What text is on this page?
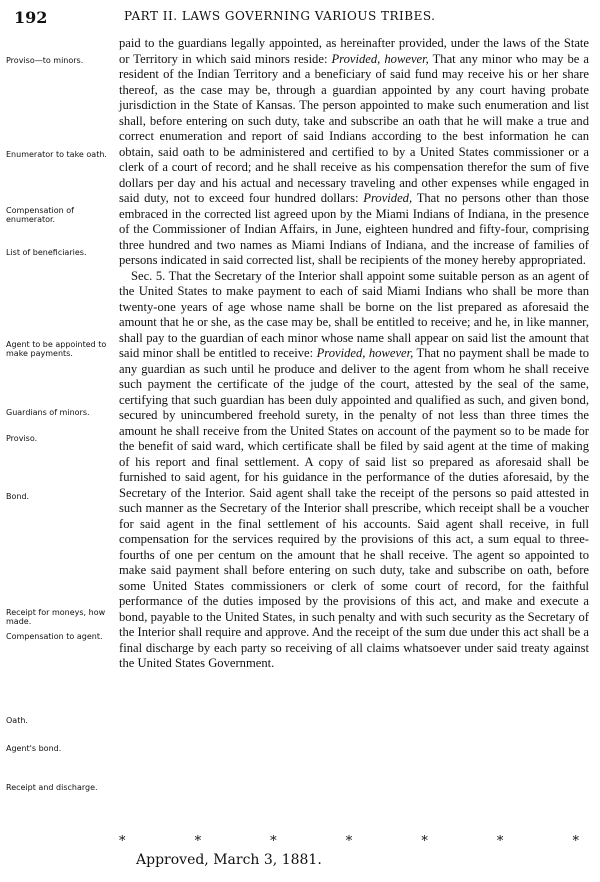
192	PART II. LAWS GOVERNING VARIOUS TRIBES.
Proviso—to minors.
Enumerator to take oath.
Compensation of enumerator.
List of beneficiaries.
Agent to be appointed to make payments.
Guardians of minors.
Proviso.
Bond.
Receipt for moneys, how made.
Compensation to agent.
Oath.
Agent's bond.
Receipt and discharge.

paid to the guardians legally appointed, as hereinafter provided, under the laws of the State or Territory in which said minors reside: Provided, however, That any minor who may be a resident of the Indian Territory and a beneficiary of said fund may receive his or her share thereof, as the case may be, through a guardian appointed by any court having probate jurisdiction in the State of Kansas. The person appointed to make such enumeration and list shall, before entering on such duty, take and subscribe an oath that he will make a true and correct enumeration and report of said Indians according to the best information he can obtain, said oath to be administered and certified to by a United States commissioner or a clerk of a court of record; and he shall receive as his compensation therefor the sum of five dollars per day and his actual and necessary traveling and other expenses while engaged in said duty, not to exceed four hundred dollars: Provided, That no persons other than those embraced in the corrected list agreed upon by the Miami Indians of Indiana, in the presence of the Commissioner of Indian Affairs, in June, eighteen hundred and fifty-four, comprising three hundred and two names as Miami Indians of Indiana, and the increase of families of persons indicated in said corrected list, shall be recipients of the money hereby appropriated.

Sec. 5. That the Secretary of the Interior shall appoint some suitable person as an agent of the United States to make payment to each of said Miami Indians who shall be more than twenty-one years of age whose name shall be borne on the list prepared as aforesaid the amount that he or she, as the case may be, shall be entitled to receive; and he, in like manner, shall pay to the guardian of each minor whose name shall appear on said list the amount that said minor shall be entitled to receive: Provided, however, That no payment shall be made to any guardian as such until he produce and deliver to the agent from whom he shall receive such payment the certificate of the judge of the court, attested by the seal of the same, certifying that such guardian has been duly appointed and qualified as such, and given bond, secured by unincumbered freehold surety, in the penalty of not less than three times the amount he shall receive from the United States on account of the payment so to be made for the benefit of said ward, which certificate shall be filed by said agent at the time of making of his report and final settlement. A copy of said list so prepared as aforesaid shall be furnished to said agent, for his guidance in the performance of the duties aforesaid, by the Secretary of the Interior. Said agent shall take the receipt of the persons so paid attested in such manner as the Secretary of the Interior shall prescribe, which receipt shall be a voucher for said agent in the final settlement of his accounts. Said agent shall receive, in full compensation for the services required by the provisions of this act, a sum equal to three-fourths of one per centum on the amount that he shall receive. The agent so appointed to make said payment shall before entering on such duty, take and subscribe on oath, before some United States commissioners or clerk of some court of record, for the faithful performance of the duties imposed by the provisions of this act, and make and execute a bond, payable to the United States, in such penalty and with such security as the Secretary of the Interior shall require and approve. And the receipt of the sum due under this act shall be a final discharge by each party so receiving of all claims whatsoever under said treaty against the United States Government.

*	*	*	*	*	*	*
Approved, March 3, 1881.
